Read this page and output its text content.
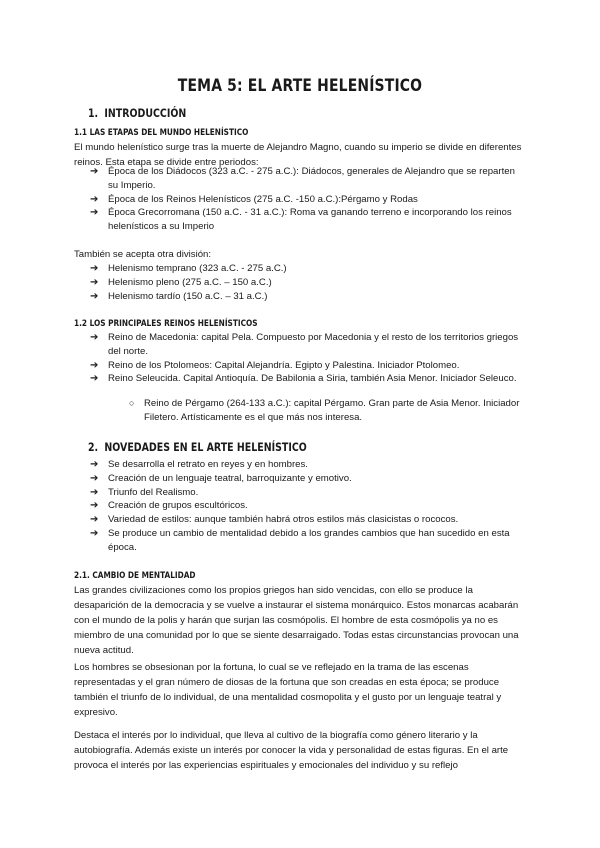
TEMA 5: EL ARTE HELENÍSTICO
1. INTRODUCCIÓN
1.1 LAS ETAPAS DEL MUNDO HELENÍSTICO

El mundo helenístico surge tras la muerte de Alejandro Magno, cuando su imperio se divide en diferentes reinos. Esta etapa se divide entre periodos:

➔ Época de los Diádocos (323 a.C. - 275 a.C.): Diádocos, generales de Alejandro que se reparten su Imperio.
➔ Época de los Reinos Helenísticos (275 a.C. -150 a.C.):Pérgamo y Rodas
➔ Época Grecorromana (150 a.C. - 31 a.C.): Roma va ganando terreno e incorporando los reinos helenísticos a su Imperio

También se acepta otra división:

➔ Helenismo temprano (323 a.C. - 275 a.C.)
➔ Helenismo pleno (275 a.C. – 150 a.C.)
➔ Helenismo tardío (150 a.C. – 31 a.C.)
1.2 LOS PRINCIPALES REINOS HELENÍSTICOS
➔ Reino de Macedonia: capital Pela. Compuesto por Macedonia y el resto de los territorios griegos del norte.
➔ Reino de los Ptolomeos: Capital Alejandría. Egipto y Palestina. Iniciador Ptolomeo.
➔ Reino Seleucida. Capital Antioquía. De Babilonia a Siria, también Asia Menor. Iniciador Seleuco.
○ Reino de Pérgamo (264-133 a.C.): capital Pérgamo. Gran parte de Asia Menor. Iniciador Filetero. Artísticamente es el que más nos interesa.
2. NOVEDADES EN EL ARTE HELENÍSTICO
➔ Se desarrolla el retrato en reyes y en hombres.
➔ Creación de un lenguaje teatral, barroquizante y emotivo.
➔ Triunfo del Realismo.
➔ Creación de grupos escultóricos.
➔ Variedad de estilos: aunque también habrá otros estilos más clasicistas o rococos.
➔ Se produce un cambio de mentalidad debido a los grandes cambios que han sucedido en esta época.
2.1. CAMBIO DE MENTALIDAD

Las grandes civilizaciones como los propios griegos han sido vencidas, con ello se produce la desaparición de la democracia y se vuelve a instaurar el sistema monárquico. Estos monarcas acabarán con el mundo de la polis y harán que surjan las cosmópolis. El hombre de esta cosmópolis ya no es miembro de una comunidad por lo que se siente desarraigado. Todas estas circunstancias provocan una nueva actitud.

Los hombres se obsesionan por la fortuna, lo cual se ve reflejado en la trama de las escenas representadas y el gran número de diosas de la fortuna que son creadas en esta época; se produce también el triunfo de lo individual, de una mentalidad cosmopolita y el gusto por un lenguaje teatral y expresivo.

Destaca el interés por lo individual, que lleva al cultivo de la biografía como género literario y la autobiografía. Además existe un interés por conocer la vida y personalidad de estas figuras. En el arte provoca el interés por las experiencias espirituales y emocionales del individuo y su reflejo
